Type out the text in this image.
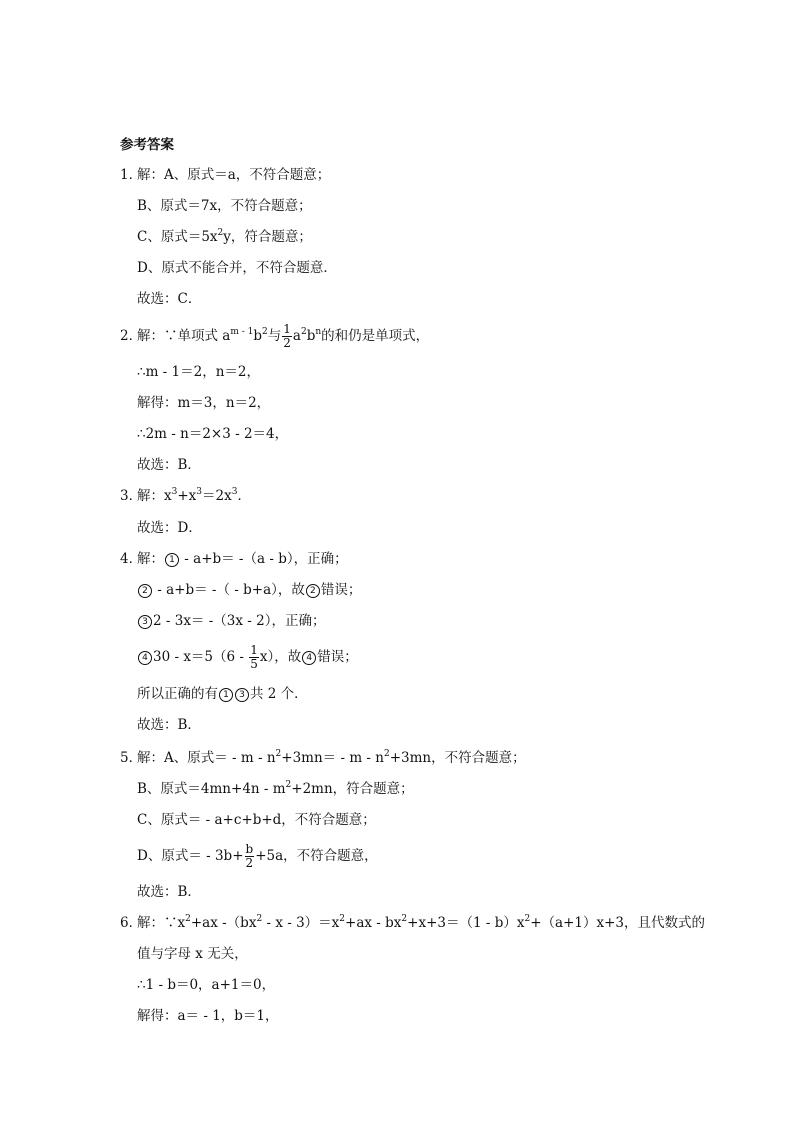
参考答案
1．解：A、原式＝a，不符合题意；
B、原式＝7x，不符合题意；
C、原式$=5x^2y$，符合题意；
D、原式不能合并，不符合题意．
故选：C．
2．解：∵单项式 $a^{m - 1}b^2$与 $\frac{1}{2} a^2b^n$的和仍是单项式，
∴m - 1＝2，n＝2，
解得：m＝3，n＝2，
∴2m - n＝2×3 - 2＝4，
故选：B．
3．解：$x^3+x^3=2x^3$．
故选：D．
4．解： 1 - a+b＝ -（a - b），正确；
2 - a+b＝ -（ - b+a），故 2 错误；
3 2 - 3x＝ -（3x - 2），正确；
4 $30 - x=5(6 - \frac{1}{5} x)$，故 4 错误；
所以正确的有 1 3 共 2 个．
故选：B．
5．解：A、原式＝ - $m - n^2+3mn= - m - n^2+3mn$，不符合题意；
B、原式$=4mn+4n - m^2+2mn$，符合题意；
C、原式＝ - a+c+b+d，不符合题意；
D、原式＝ - $3b+ \frac{b}{2} +5a$，不符合题意，
故选：B．
6．解：$\because x^2+ax$ $-(bx^2 - x - 3)=x^2+ax - bx^2+x+3=(1 - b)x^2+(a+1)x+3$，且代数式的
值与字母 x 无关，
∴1 - b＝0，a+1＝0，
解得：a＝ - 1，b＝1，
